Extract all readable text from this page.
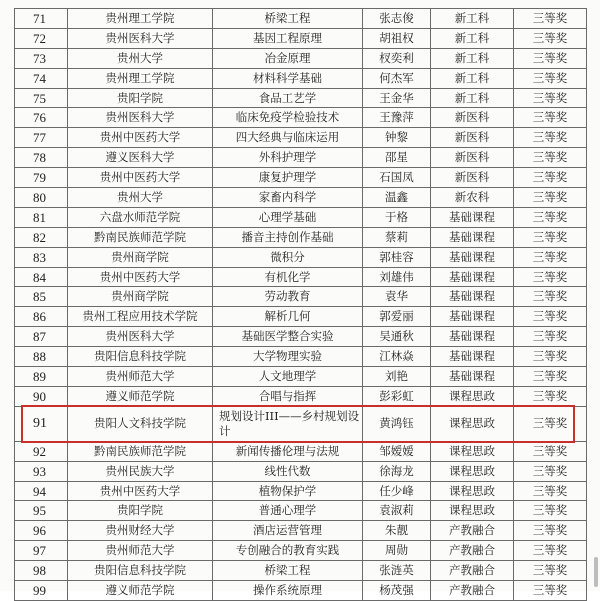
71	贵州理工学院	桥梁工程	张志俊	新工科	三等奖
72	贵州医科大学	基因工程原理	胡祖权	新工科	三等奖
73	贵州大学	冶金原理	杈奕利	新工科	三等奖
74	贵州理工学院	材料科学基础	何杰军	新工科	三等奖
75	贵阳学院	食品工艺学	王金华	新工科	三等奖
76	贵州医科大学	临床免疫学检验技术	王豫萍	新医科	三等奖
77	贵州中医药大学	四大经典与临床运用	钟黎	新医科	三等奖
78	遵义医科大学	外科护理学	邵星	新医科	三等奖
79	贵州中医药大学	康复护理学	石国凤	新医科	三等奖
80	贵州大学	家畜内科学	温鑫	新农科	三等奖
81	六盘水师范学院	心理学基础	于格	基础课程	三等奖
82	黔南民族师范学院	播音主持创作基础	蔡莉	基础课程	三等奖
83	贵州商学院	微积分	郭桂容	基础课程	三等奖
84	贵州中医药大学	有机化学	刘雄伟	基础课程	三等奖
85	贵州商学院	劳动教育	袁华	基础课程	三等奖
86	贵州工程应用技术学院	解析几何	郭爱丽	基础课程	三等奖
87	贵州医科大学	基础医学整合实验	吴通秋	基础课程	三等奖
88	贵阳信息科技学院	大学物理实验	江林焱	基础课程	三等奖
89	贵州师范大学	人文地理学	刘艳	基础课程	三等奖
90	遵义师范学院	合唱与指挥	彭彩虹	课程思政	三等奖
91	贵阳人文科技学院	规划设计III——乡村规划设计	黄鸿钰	课程思政	三等奖
92	黔南民族师范学院	新闻传播伦理与法规	邹嫒嫒	课程思政	三等奖
93	贵州民族大学	线性代数	徐海龙	课程思政	三等奖
94	贵州中医药大学	植物保护学	任少峰	课程思政	三等奖
95	贵阳学院	普通心理学	袁淑莉	课程思政	三等奖
96	贵州财经大学	酒店运营管理	朱靓	产教融合	三等奖
97	贵州师范大学	专创融合的教育实践	周勋	产教融合	三等奖
98	贵阳信息科技学院	桥梁工程	张涟英	产教融合	三等奖
99	遵义师范学院	操作系统原理	杨茂强	产教融合	三等奖
